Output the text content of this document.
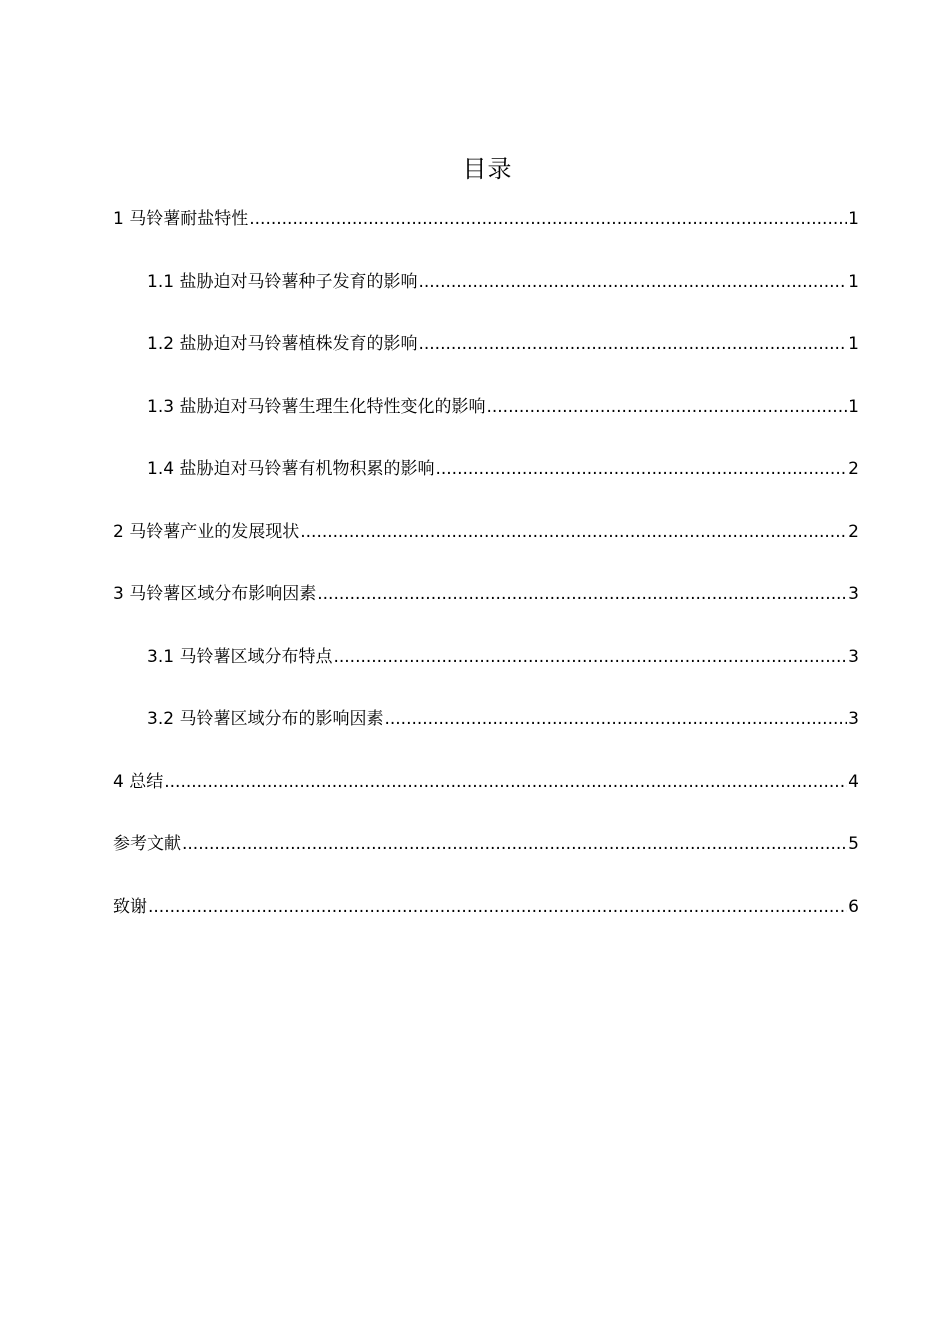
目录
1 马铃薯耐盐特性 .....	1
1.1 盐胁迫对马铃薯种子发育的影响 .....	1
1.2 盐胁迫对马铃薯植株发育的影响 .....	1
1.3 盐胁迫对马铃薯生理生化特性变化的影响 .....	1
1.4 盐胁迫对马铃薯有机物积累的影响 .....	2
2 马铃薯产业的发展现状 .....	2
3 马铃薯区域分布影响因素 .....	3
3.1 马铃薯区域分布特点 .....	3
3.2 马铃薯区域分布的影响因素 .....	3
4 总结 .....	4
参考文献 .....	5
致谢 .....	6
